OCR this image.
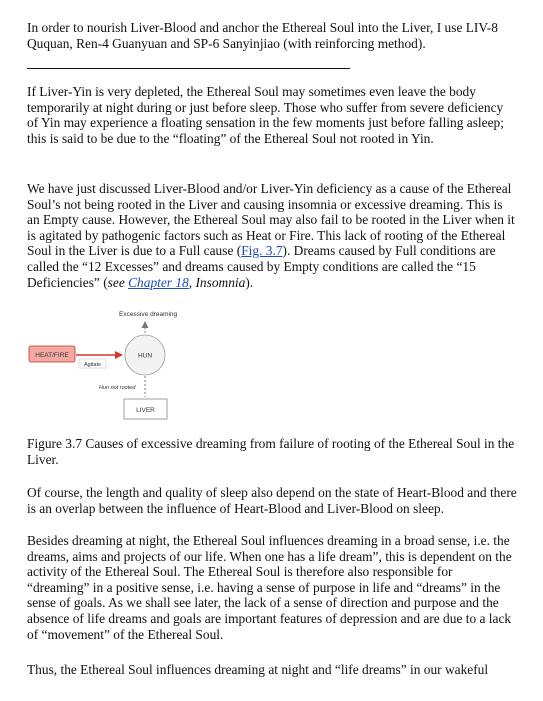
In order to nourish Liver-Blood and anchor the Ethereal Soul into the Liver, I use LIV-8 Ququan, Ren-4 Guanyuan and SP-6 Sanyinjiao (with reinforcing method).

If Liver-Yin is very depleted, the Ethereal Soul may sometimes even leave the body temporarily at night during or just before sleep. Those who suffer from severe deficiency of Yin may experience a floating sensation in the few moments just before falling asleep; this is said to be due to the “floating” of the Ethereal Soul not rooted in Yin.

We have just discussed Liver-Blood and/or Liver-Yin deficiency as a cause of the Ethereal Soul’s not being rooted in the Liver and causing insomnia or excessive dreaming. This is an Empty cause. However, the Ethereal Soul may also fail to be rooted in the Liver when it is agitated by pathogenic factors such as Heat or Fire. This lack of rooting of the Ethereal Soul in the Liver is due to a Full cause (Fig. 3.7). Dreams caused by Full conditions are called the “12 Excesses” and dreams caused by Empty conditions are called the “15 Deficiencies” (see Chapter 18, Insomnia).

Excessive dreaming
HEAT/FIRE
Agitate
HUN
Hun not rooted
LIVER

Figure 3.7 Causes of excessive dreaming from failure of rooting of the Ethereal Soul in the Liver.

Of course, the length and quality of sleep also depend on the state of Heart-Blood and there is an overlap between the influence of Heart-Blood and Liver-Blood on sleep.

Besides dreaming at night, the Ethereal Soul influences dreaming in a broad sense, i.e. the dreams, aims and projects of our life. When one has a life dream”, this is dependent on the activity of the Ethereal Soul. The Ethereal Soul is therefore also responsible for “dreaming” in a positive sense, i.e. having a sense of purpose in life and “dreams” in the sense of goals. As we shall see later, the lack of a sense of direction and purpose and the absence of life dreams and goals are important features of depression and are due to a lack of “movement” of the Ethereal Soul.

Thus, the Ethereal Soul influences dreaming at night and “life dreams” in our wakeful
